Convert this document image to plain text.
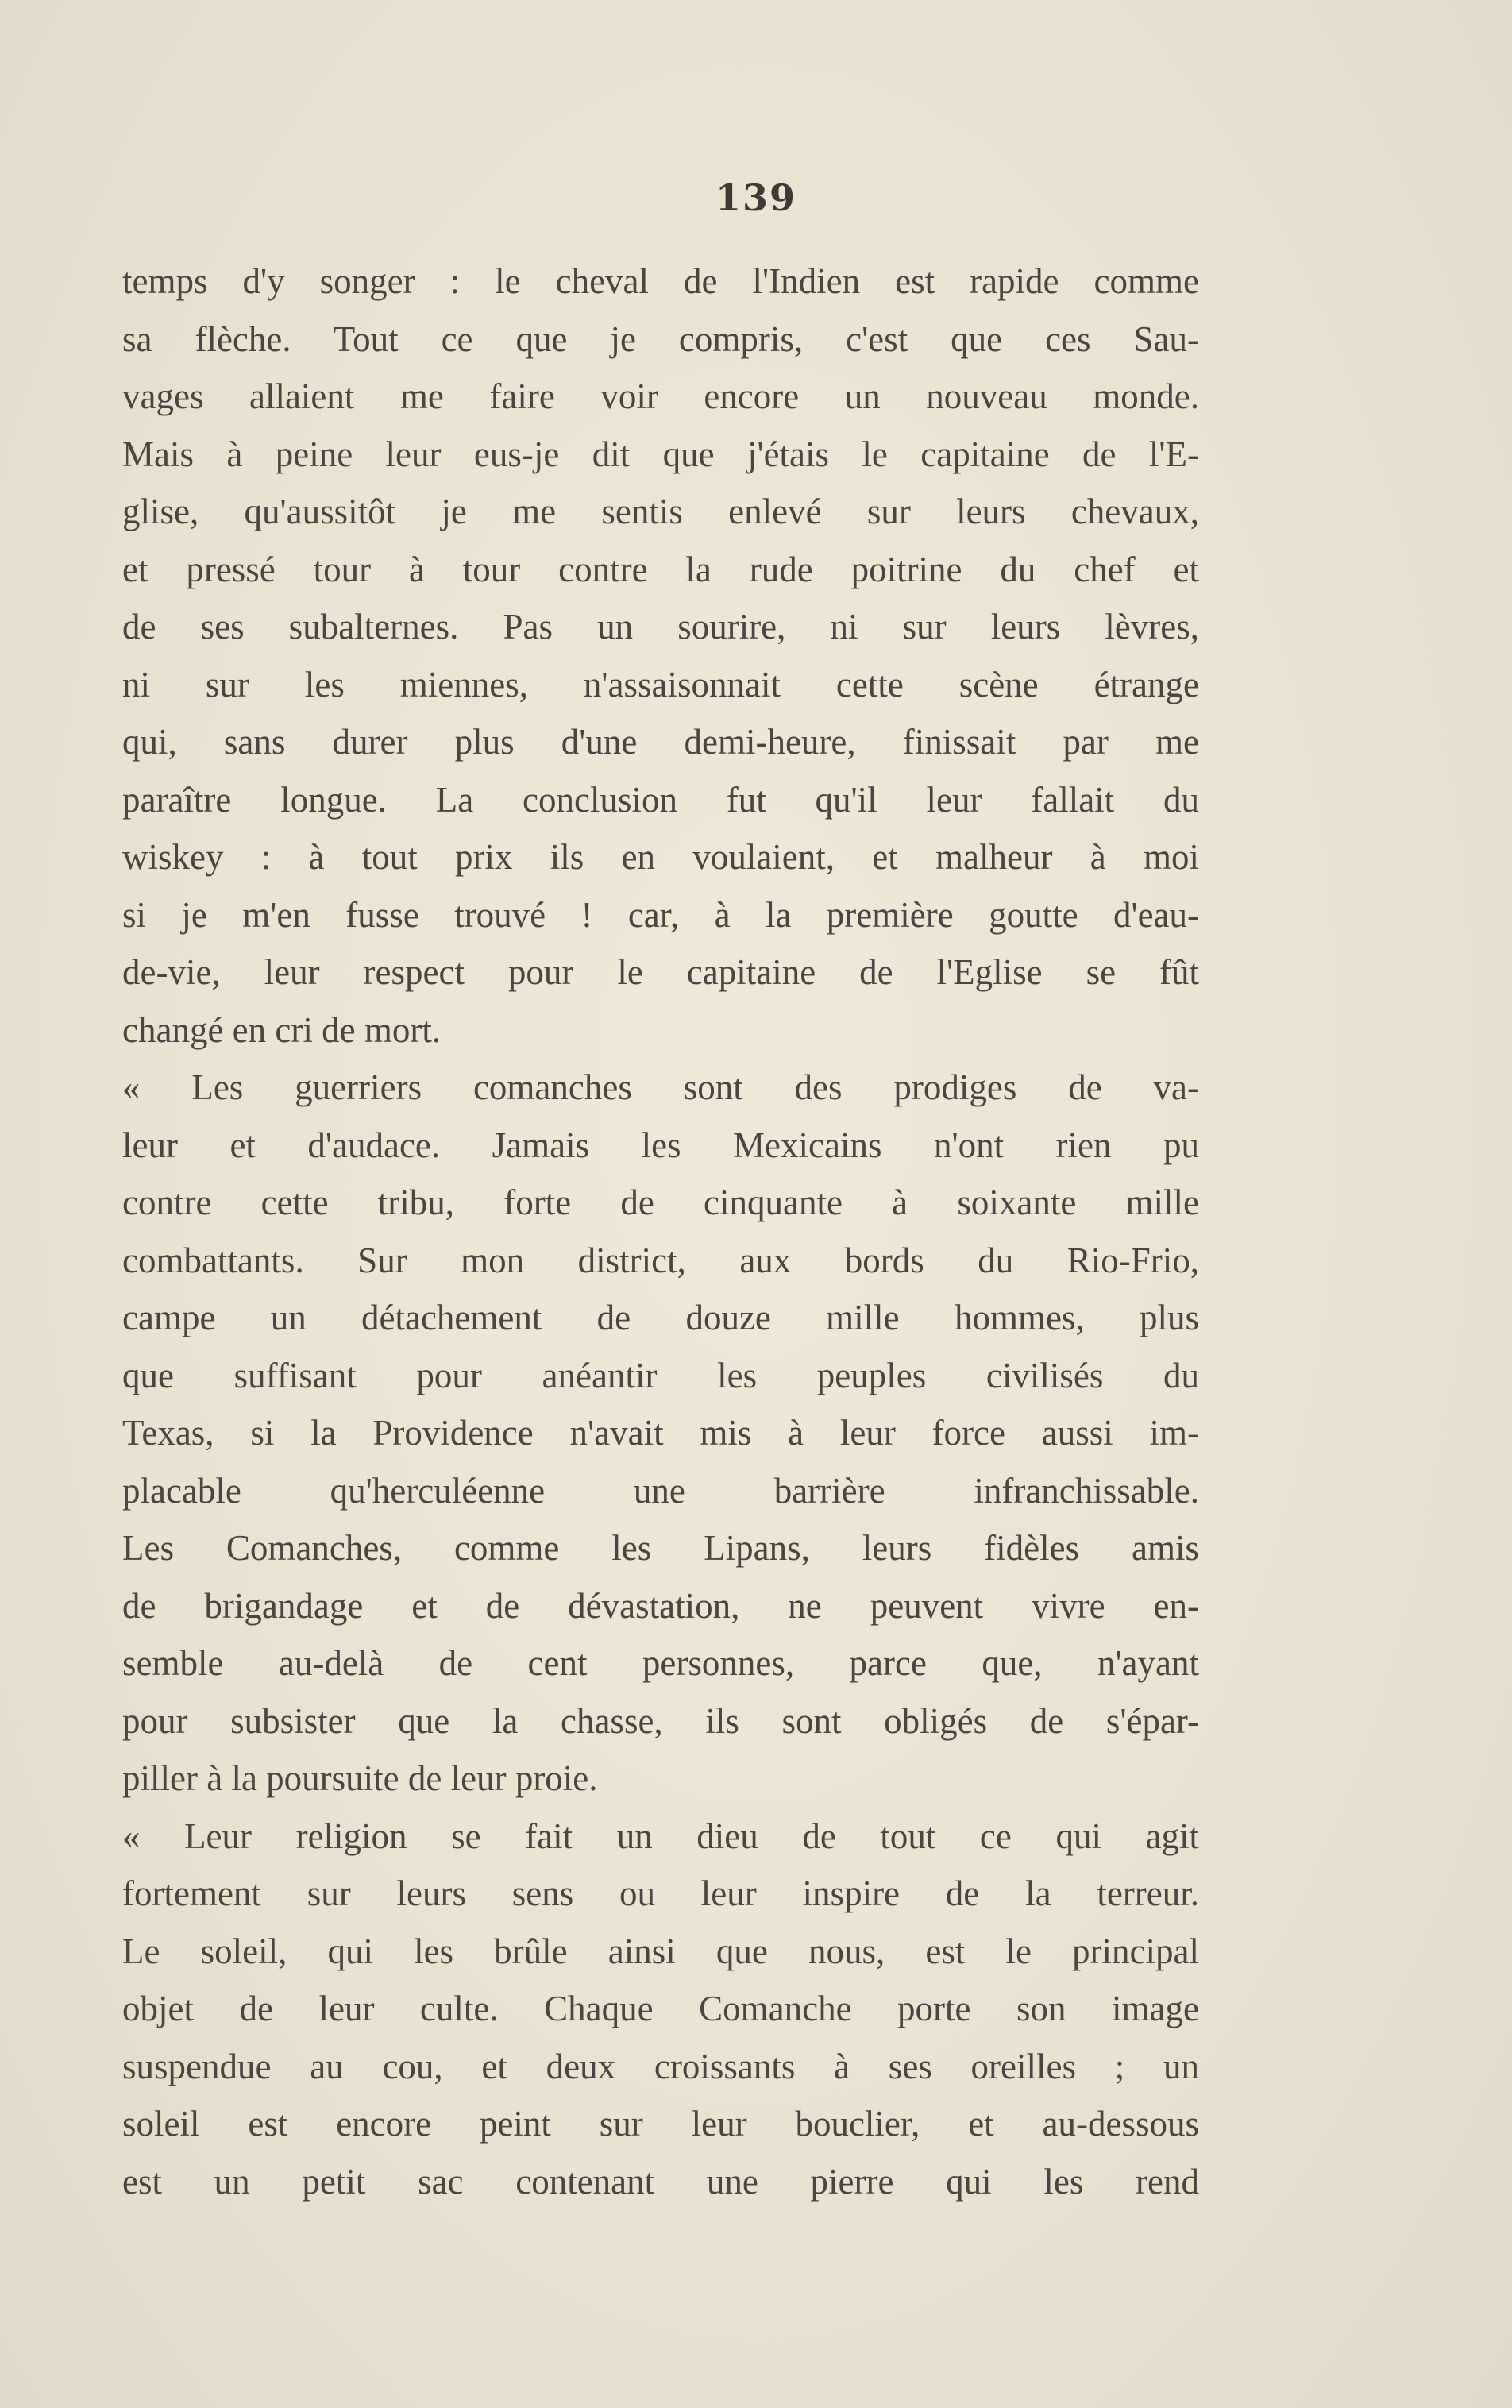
139
temps d'y songer : le cheval de l'Indien est rapide comme
sa flèche. Tout ce que je compris, c'est que ces Sau-
vages allaient me faire voir encore un nouveau monde.
Mais à peine leur eus-je dit que j'étais le capitaine de l'E-
glise, qu'aussitôt je me sentis enlevé sur leurs chevaux,
et pressé tour à tour contre la rude poitrine du chef et
de ses subalternes. Pas un sourire, ni sur leurs lèvres,
ni sur les miennes, n'assaisonnait cette scène étrange
qui, sans durer plus d'une demi-heure, finissait par me
paraître longue. La conclusion fut qu'il leur fallait du
wiskey : à tout prix ils en voulaient, et malheur à moi
si je m'en fusse trouvé ! car, à la première goutte d'eau-
de-vie, leur respect pour le capitaine de l'Eglise se fût
changé en cri de mort.
« Les guerriers comanches sont des prodiges de va-
leur et d'audace. Jamais les Mexicains n'ont rien pu
contre cette tribu, forte de cinquante à soixante mille
combattants. Sur mon district, aux bords du Rio-Frio,
campe un détachement de douze mille hommes, plus
que suffisant pour anéantir les peuples civilisés du
Texas, si la Providence n'avait mis à leur force aussi im-
placable qu'herculéenne une barrière infranchissable.
Les Comanches, comme les Lipans, leurs fidèles amis
de brigandage et de dévastation, ne peuvent vivre en-
semble au-delà de cent personnes, parce que, n'ayant
pour subsister que la chasse, ils sont obligés de s'épar-
piller à la poursuite de leur proie.
« Leur religion se fait un dieu de tout ce qui agit
fortement sur leurs sens ou leur inspire de la terreur.
Le soleil, qui les brûle ainsi que nous, est le principal
objet de leur culte. Chaque Comanche porte son image
suspendue au cou, et deux croissants à ses oreilles ; un
soleil est encore peint sur leur bouclier, et au-dessous
est un petit sac contenant une pierre qui les rend
